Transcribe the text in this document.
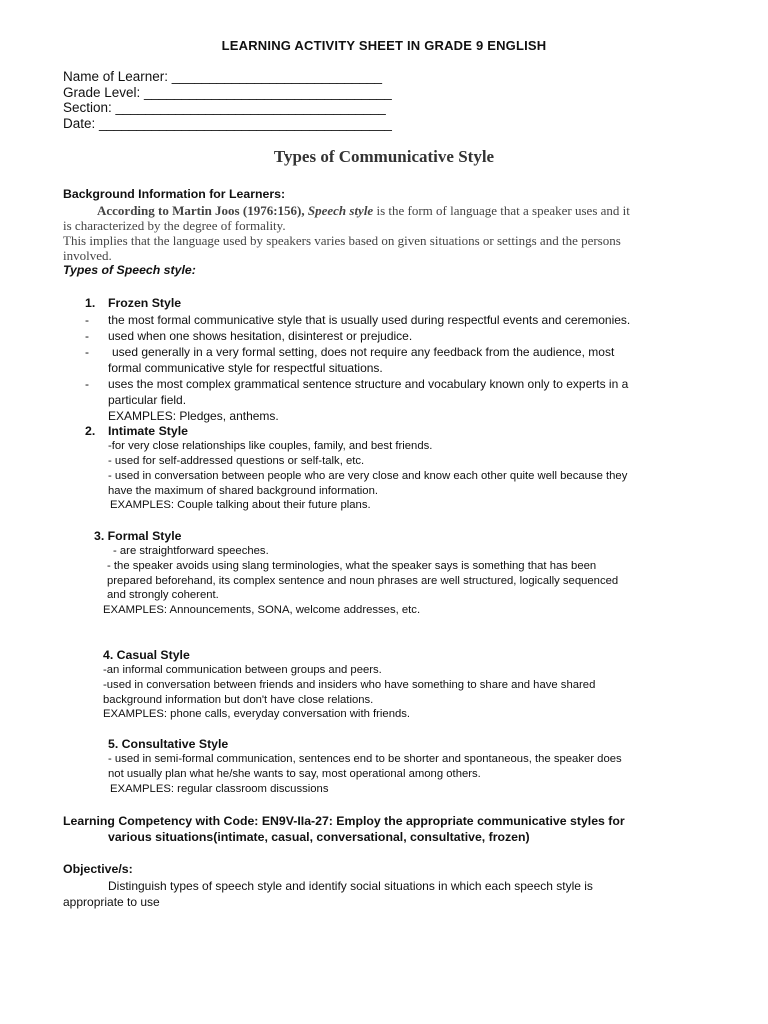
LEARNING ACTIVITY SHEET IN GRADE 9 ENGLISH
Name of Learner: ____________________________
Grade Level: _________________________________
Section: ____________________________________
Date: _______________________________________
Types of Communicative Style
Background Information for Learners:
According to Martin Joos (1976:156), Speech style is the form of language that a speaker uses and it
is characterized by the degree of formality.
This implies that the language used by speakers varies based on given situations or settings and the persons
involved.
Types of Speech style:
1. Frozen Style
- the most formal communicative style that is usually used during respectful events and ceremonies.
- used when one shows hesitation, disinterest or prejudice.
- used generally in a very formal setting, does not require any feedback from the audience, most
formal communicative style for respectful situations.
- uses the most complex grammatical sentence structure and vocabulary known only to experts in a
particular field.
EXAMPLES: Pledges, anthems.
2. Intimate Style
-for very close relationships like couples, family, and best friends.
- used for self-addressed questions or self-talk, etc.
- used in conversation between people who are very close and know each other quite well because they
have the maximum of shared background information.
EXAMPLES: Couple talking about their future plans.
3. Formal Style
- are straightforward speeches.
- the speaker avoids using slang terminologies, what the speaker says is something that has been
prepared beforehand, its complex sentence and noun phrases are well structured, logically sequenced
and strongly coherent.
EXAMPLES: Announcements, SONA, welcome addresses, etc.
4. Casual Style
-an informal communication between groups and peers.
-used in conversation between friends and insiders who have something to share and have shared
background information but don't have close relations.
EXAMPLES: phone calls, everyday conversation with friends.
5. Consultative Style
- used in semi-formal communication, sentences end to be shorter and spontaneous, the speaker does
not usually plan what he/she wants to say, most operational among others.
EXAMPLES: regular classroom discussions
Learning Competency with Code: EN9V-IIa-27: Employ the appropriate communicative styles for
various situations(intimate, casual, conversational, consultative, frozen)
Objective/s:
Distinguish types of speech style and identify social situations in which each speech style is
appropriate to use
